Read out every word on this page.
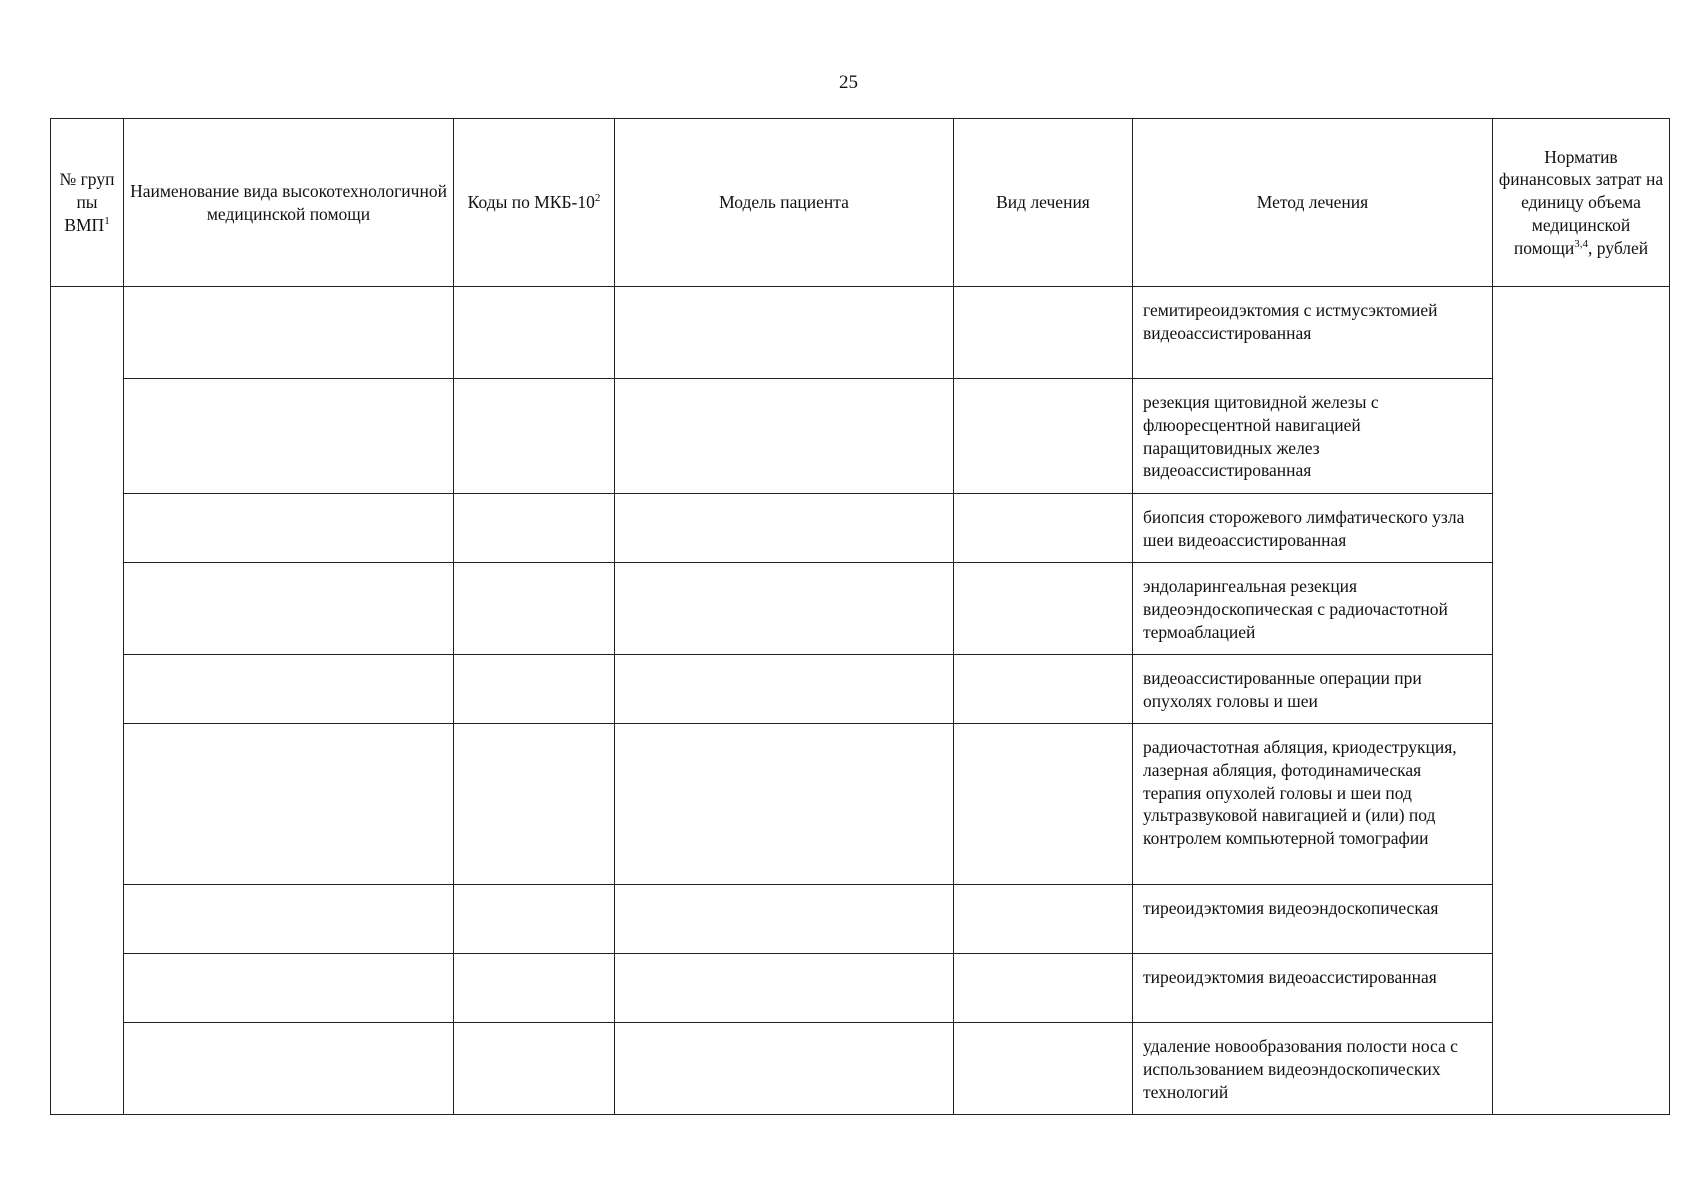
25
№ груп пы ВМП$^1$	Наименование вида высокотехнологичной медицинской помощи	Коды по МКБ-$10^2$	Модель пациента	Вид лечения	Метод лечения	Норматив финансовых затрат на единицу объема медицинской помощи$^{3,4}$, рублей
					гемитиреоидэктомия с истмусэктомией видеоассистированная	
					резекция щитовидной железы с флюоресцентной навигацией паращитовидных желез видеоассистированная	
					биопсия сторожевого лимфатического узла шеи видеоассистированная	
					эндоларингеальная резекция видеоэндоскопическая с радиочастотной термоаблацией	
					видеоассистированные операции при опухолях головы и шеи	
					радиочастотная абляция, криодеструкция, лазерная абляция, фотодинамическая терапия опухолей головы и шеи под ультразвуковой навигацией и (или) под контролем компьютерной томографии	
					тиреоидэктомия видеоэндоскопическая	
					тиреоидэктомия видеоассистированная	
					удаление новообразования полости носа с использованием видеоэндоскопических технологий	
